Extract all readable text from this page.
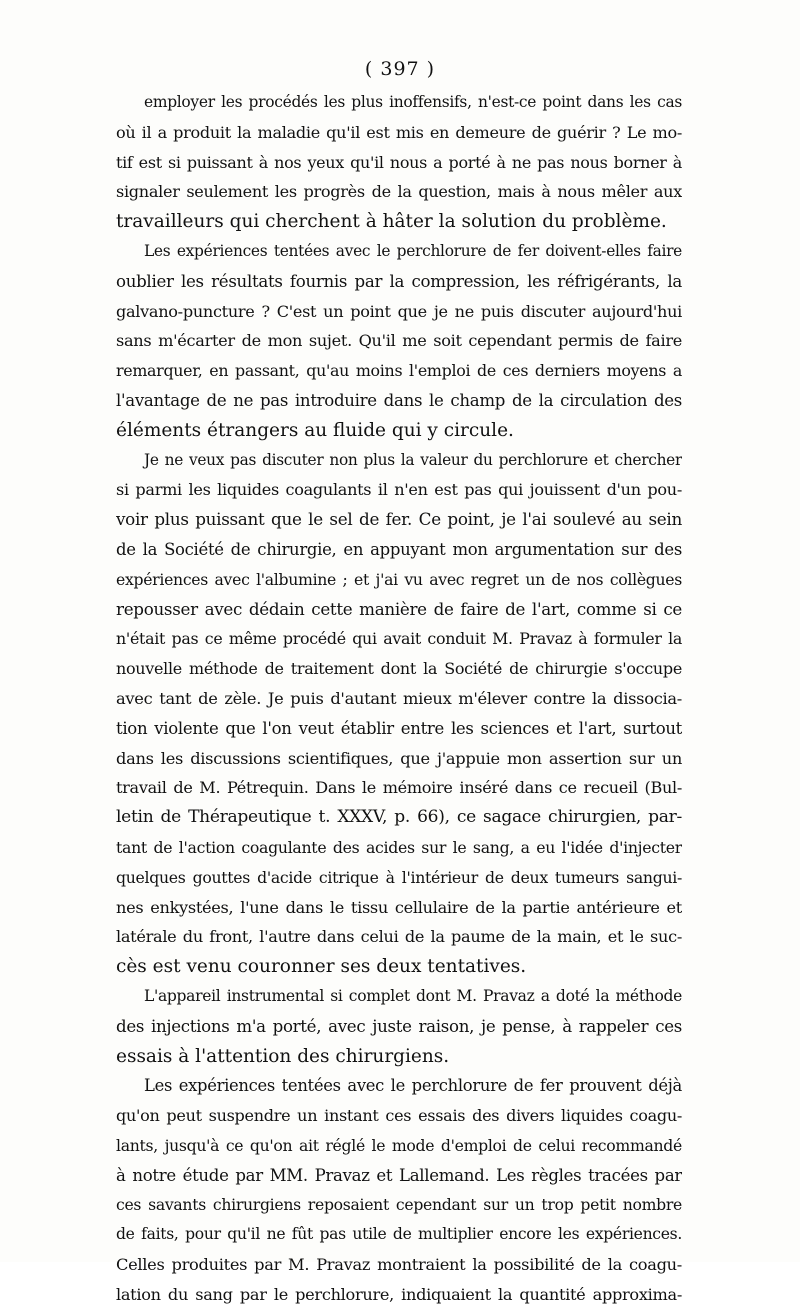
( 397 )
employer les procédés les plus inoffensifs, n'est-ce point dans les cas
où il a produit la maladie qu'il est mis en demeure de guérir ? Le mo-
tif est si puissant à nos yeux qu'il nous a porté à ne pas nous borner à
signaler seulement les progrès de la question, mais à nous mêler aux
travailleurs qui cherchent à hâter la solution du problème.
Les expériences tentées avec le perchlorure de fer doivent-elles faire
oublier les résultats fournis par la compression, les réfrigérants, la
galvano-puncture ? C'est un point que je ne puis discuter aujourd'hui
sans m'écarter de mon sujet. Qu'il me soit cependant permis de faire
remarquer, en passant, qu'au moins l'emploi de ces derniers moyens a
l'avantage de ne pas introduire dans le champ de la circulation des
éléments étrangers au fluide qui y circule.
Je ne veux pas discuter non plus la valeur du perchlorure et chercher
si parmi les liquides coagulants il n'en est pas qui jouissent d'un pou-
voir plus puissant que le sel de fer. Ce point, je l'ai soulevé au sein
de la Société de chirurgie, en appuyant mon argumentation sur des
expériences avec l'albumine ; et j'ai vu avec regret un de nos collègues
repousser avec dédain cette manière de faire de l'art, comme si ce
n'était pas ce même procédé qui avait conduit M. Pravaz à formuler la
nouvelle méthode de traitement dont la Société de chirurgie s'occupe
avec tant de zèle. Je puis d'autant mieux m'élever contre la dissocia-
tion violente que l'on veut établir entre les sciences et l'art, surtout
dans les discussions scientifiques, que j'appuie mon assertion sur un
travail de M. Pétrequin. Dans le mémoire inséré dans ce recueil (Bul-
letin de Thérapeutique t. XXXV, p. 66), ce sagace chirurgien, par-
tant de l'action coagulante des acides sur le sang, a eu l'idée d'injecter
quelques gouttes d'acide citrique à l'intérieur de deux tumeurs sangui-
nes enkystées, l'une dans le tissu cellulaire de la partie antérieure et
latérale du front, l'autre dans celui de la paume de la main, et le suc-
cès est venu couronner ses deux tentatives.
L'appareil instrumental si complet dont M. Pravaz a doté la méthode
des injections m'a porté, avec juste raison, je pense, à rappeler ces
essais à l'attention des chirurgiens.
Les expériences tentées avec le perchlorure de fer prouvent déjà
qu'on peut suspendre un instant ces essais des divers liquides coagu-
lants, jusqu'à ce qu'on ait réglé le mode d'emploi de celui recommandé
à notre étude par MM. Pravaz et Lallemand. Les règles tracées par
ces savants chirurgiens reposaient cependant sur un trop petit nombre
de faits, pour qu'il ne fût pas utile de multiplier encore les expériences.
Celles produites par M. Pravaz montraient la possibilité de la coagu-
lation du sang par le perchlorure, indiquaient la quantité approxima-
